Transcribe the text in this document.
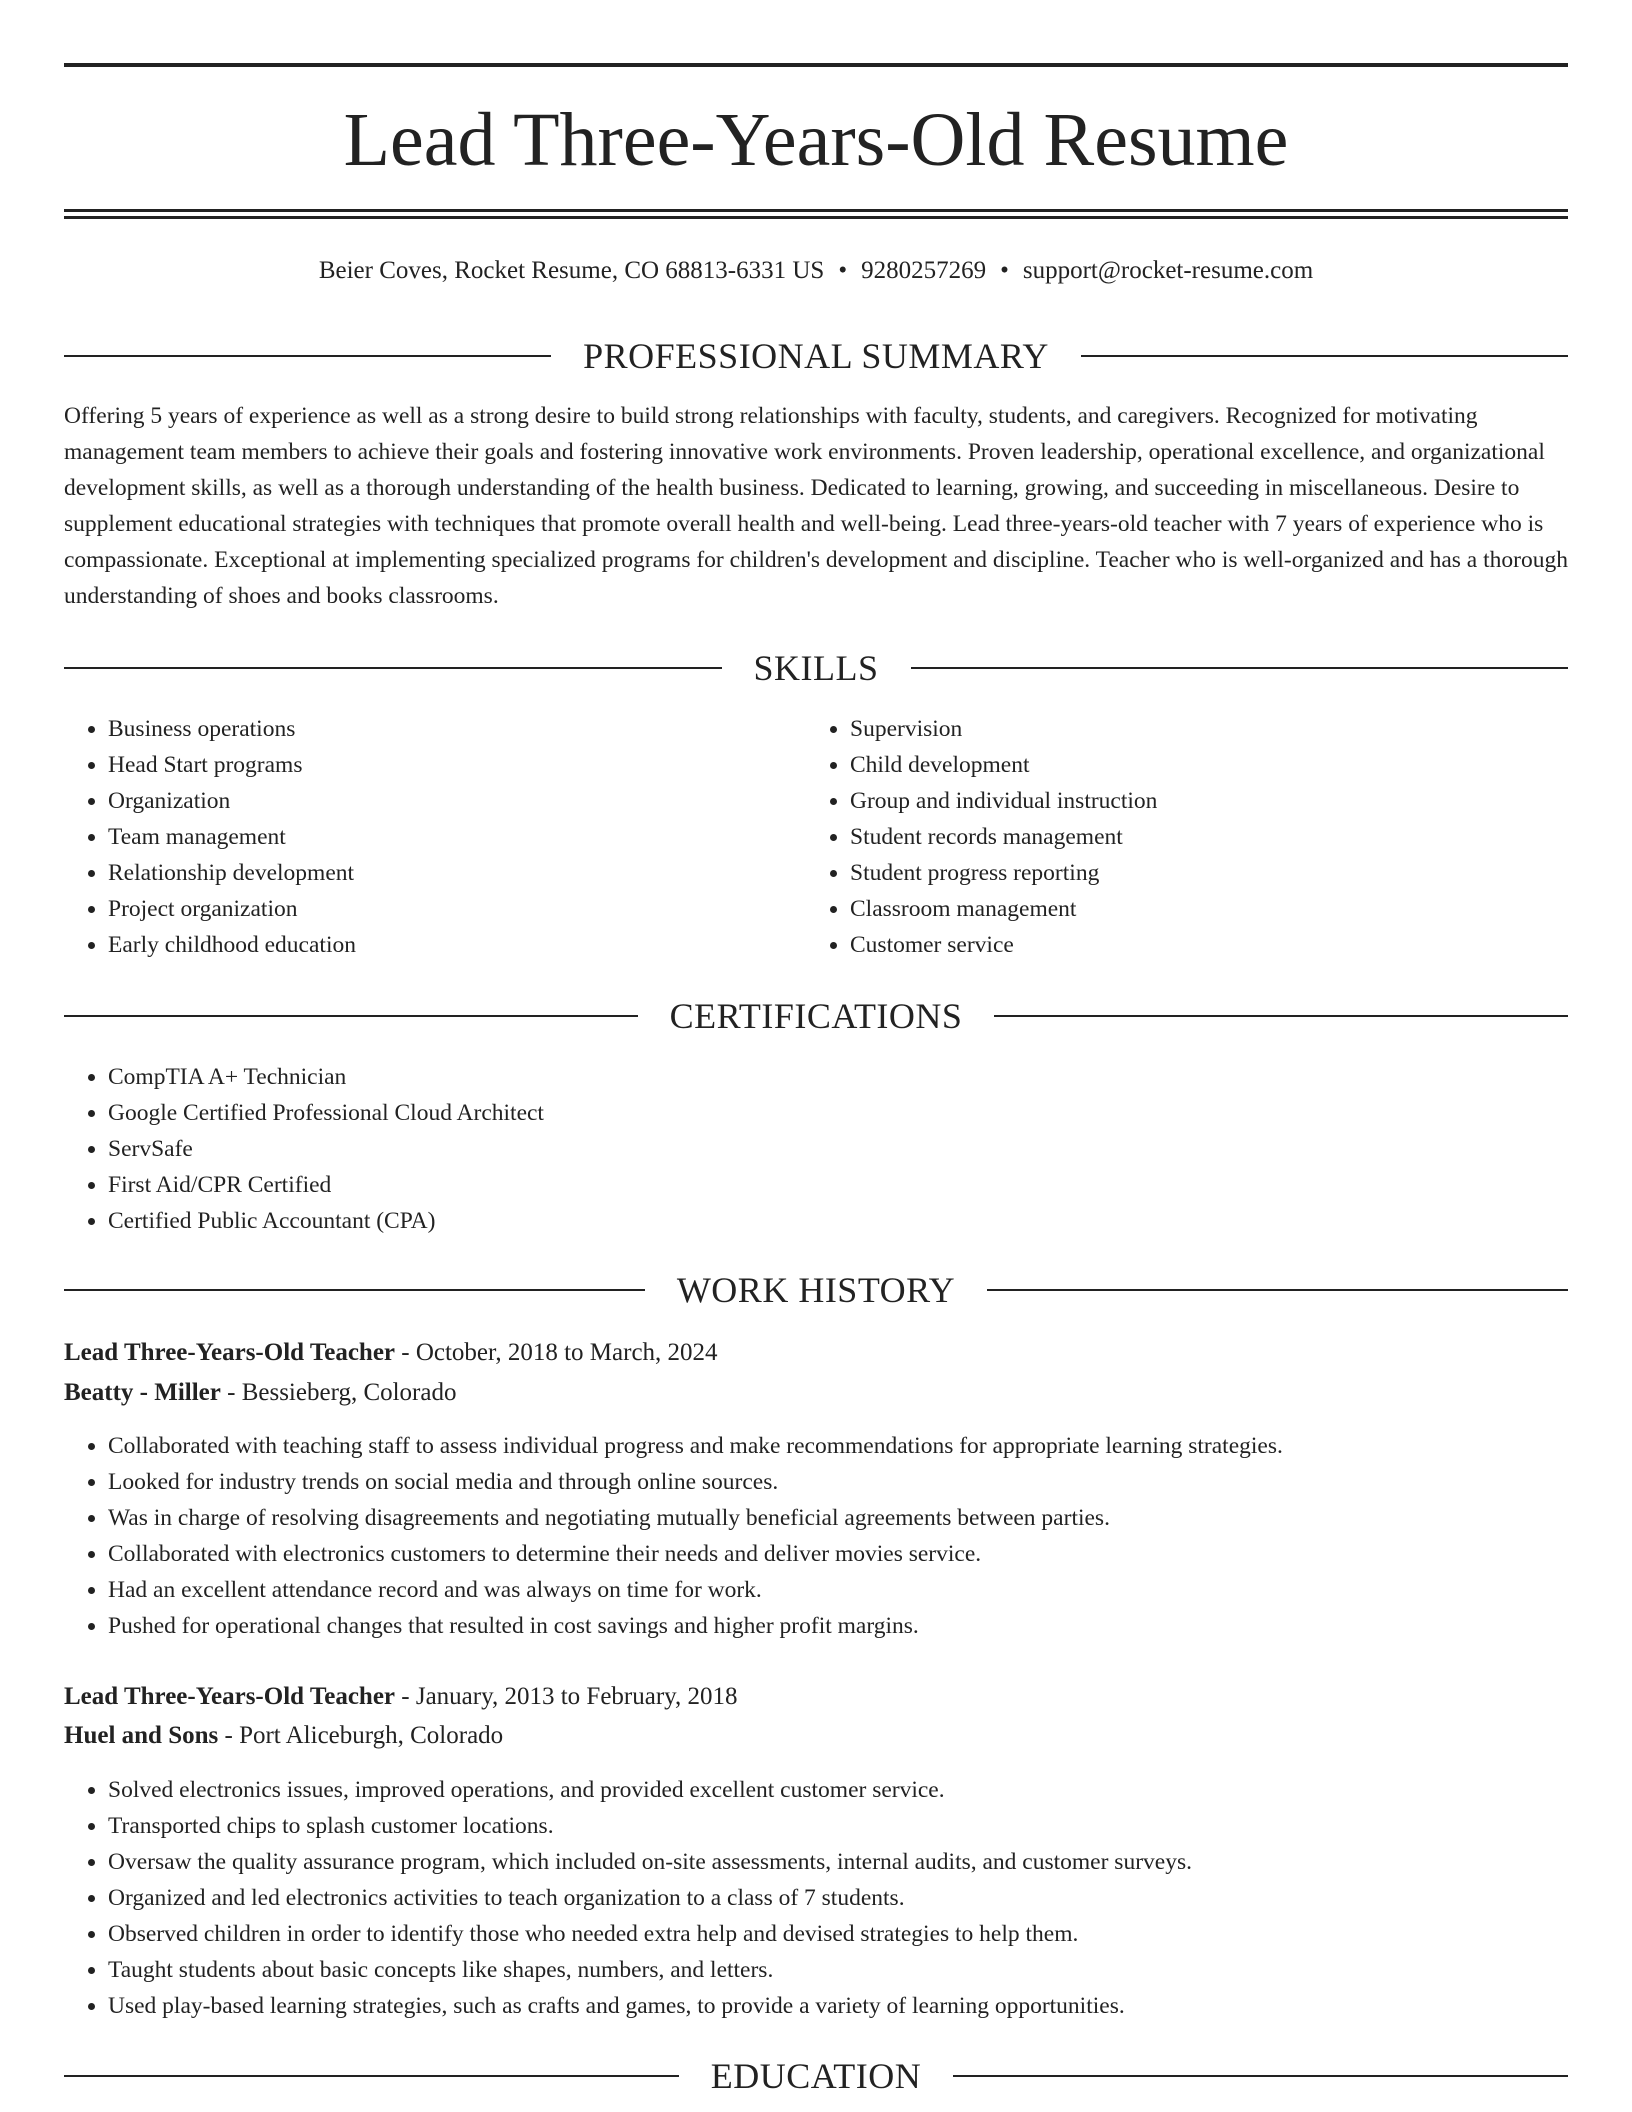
Lead Three-Years-Old Resume
Beier Coves, Rocket Resume, CO 68813-6331 US • 9280257269 • support@rocket-resume.com
PROFESSIONAL SUMMARY

Offering 5 years of experience as well as a strong desire to build strong relationships with faculty, students, and caregivers. Recognized for motivating management team members to achieve their goals and fostering innovative work environments. Proven leadership, operational excellence, and organizational development skills, as well as a thorough understanding of the health business. Dedicated to learning, growing, and succeeding in miscellaneous. Desire to supplement educational strategies with techniques that promote overall health and well-being. Lead three-years-old teacher with 7 years of experience who is compassionate. Exceptional at implementing specialized programs for children's development and discipline. Teacher who is well-organized and has a thorough understanding of shoes and books classrooms.

SKILLS
• Business operations
• Head Start programs
• Organization
• Team management
• Relationship development
• Project organization
• Early childhood education
• Supervision
• Child development
• Group and individual instruction
• Student records management
• Student progress reporting
• Classroom management
• Customer service
CERTIFICATIONS
• CompTIA A+ Technician
• Google Certified Professional Cloud Architect
• ServSafe
• First Aid/CPR Certified
• Certified Public Accountant (CPA)
WORK HISTORY
Lead Three-Years-Old Teacher - October, 2018 to March, 2024
Beatty - Miller - Bessieberg, Colorado
• Collaborated with teaching staff to assess individual progress and make recommendations for appropriate learning strategies.
• Looked for industry trends on social media and through online sources.
• Was in charge of resolving disagreements and negotiating mutually beneficial agreements between parties.
• Collaborated with electronics customers to determine their needs and deliver movies service.
• Had an excellent attendance record and was always on time for work.
• Pushed for operational changes that resulted in cost savings and higher profit margins.
Lead Three-Years-Old Teacher - January, 2013 to February, 2018
Huel and Sons - Port Aliceburgh, Colorado
• Solved electronics issues, improved operations, and provided excellent customer service.
• Transported chips to splash customer locations.
• Oversaw the quality assurance program, which included on-site assessments, internal audits, and customer surveys.
• Organized and led electronics activities to teach organization to a class of 7 students.
• Observed children in order to identify those who needed extra help and devised strategies to help them.
• Taught students about basic concepts like shapes, numbers, and letters.
• Used play-based learning strategies, such as crafts and games, to provide a variety of learning opportunities.
EDUCATION
